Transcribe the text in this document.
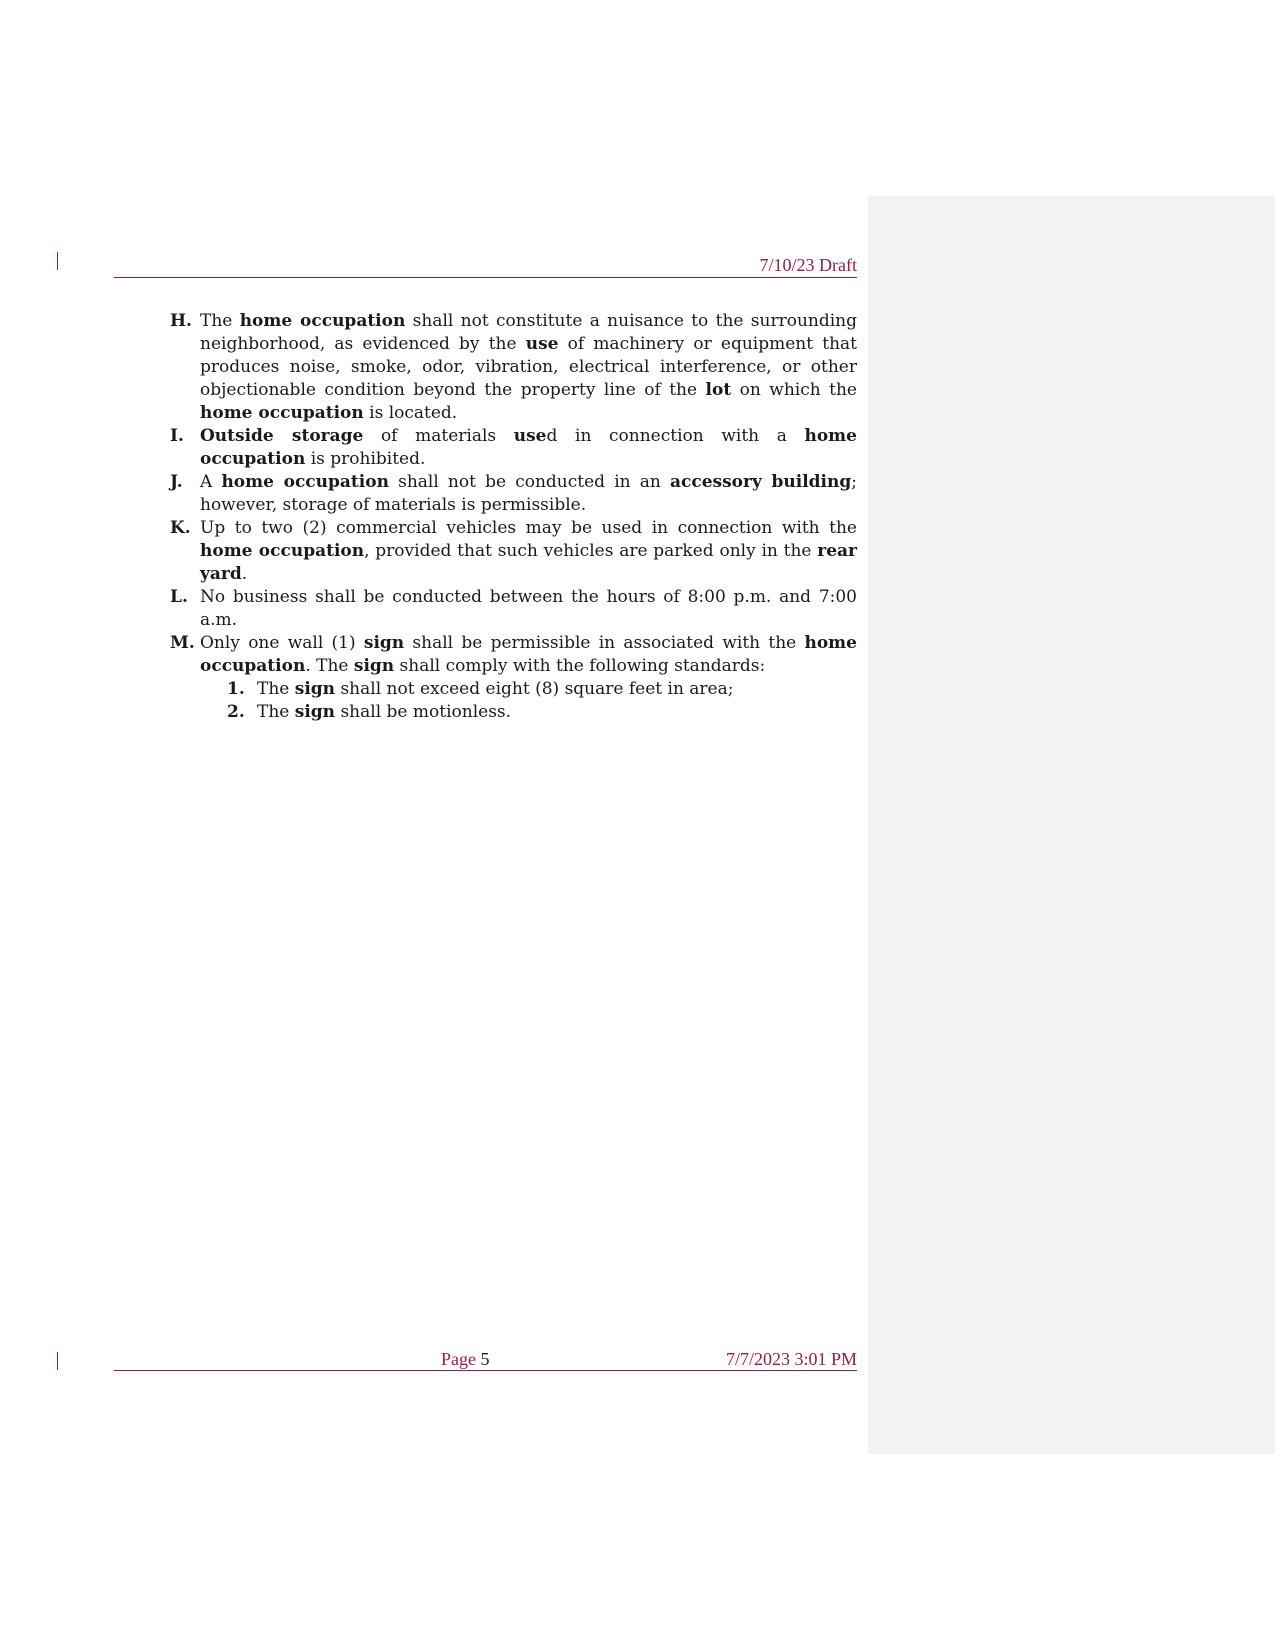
7/10/23 Draft
H. The home occupation shall not constitute a nuisance to the surrounding neighborhood, as evidenced by the use of machinery or equipment that produces noise, smoke, odor, vibration, electrical interference, or other objectionable condition beyond the property line of the lot on which the home occupation is located.
I. Outside storage of materials used in connection with a home occupation is prohibited.
J. A home occupation shall not be conducted in an accessory building; however, storage of materials is permissible.
K. Up to two (2) commercial vehicles may be used in connection with the home occupation, provided that such vehicles are parked only in the rear yard.
L. No business shall be conducted between the hours of 8:00 p.m. and 7:00 a.m.
M. Only one wall (1) sign shall be permissible in associated with the home occupation. The sign shall comply with the following standards:
1. The sign shall not exceed eight (8) square feet in area;
2. The sign shall be motionless.
Page 5	7/7/2023 3:01 PM
